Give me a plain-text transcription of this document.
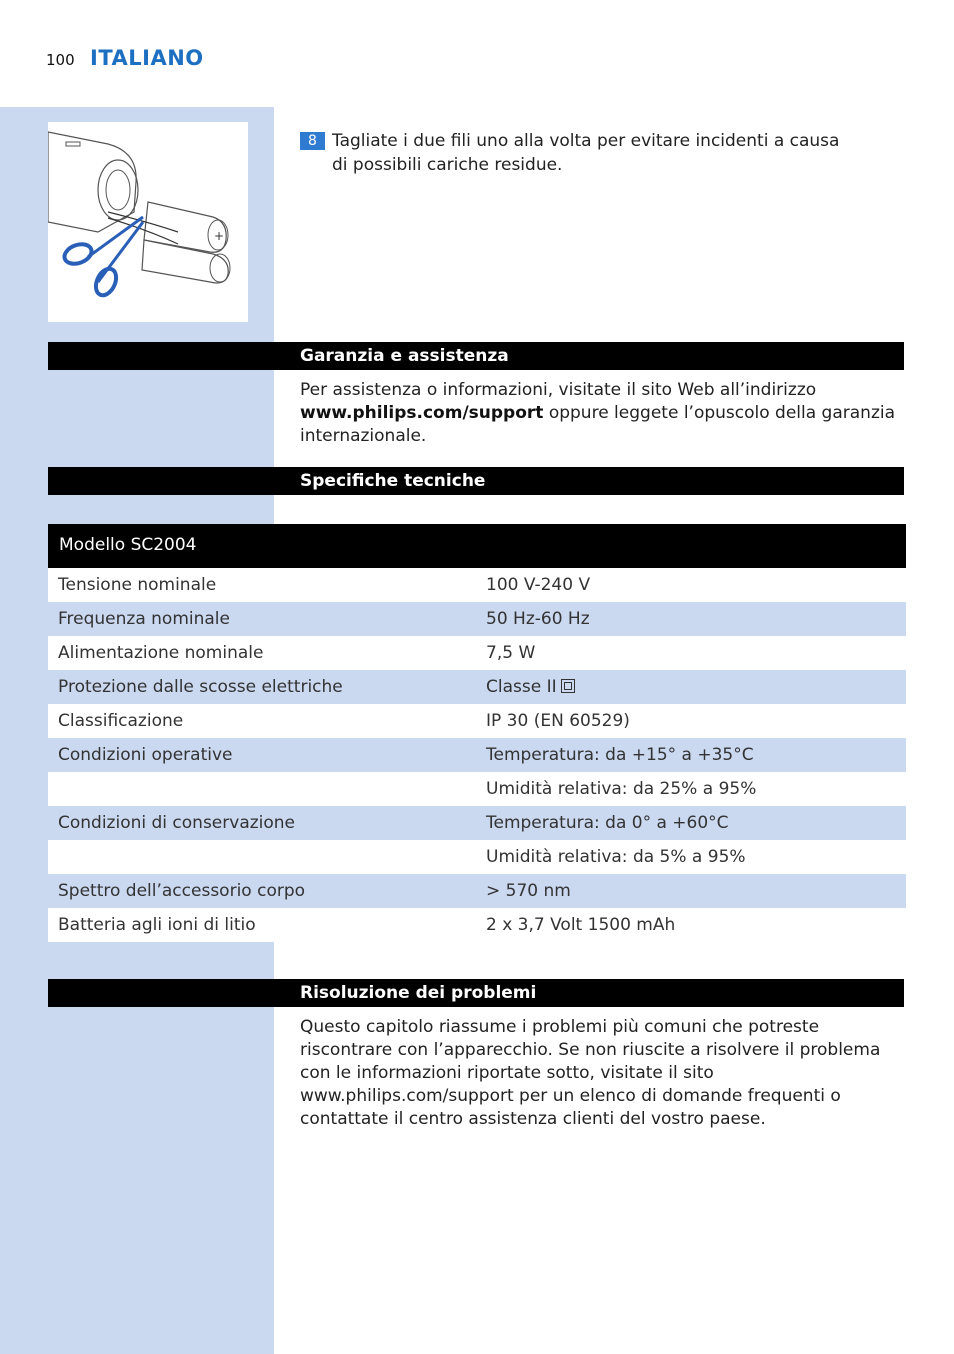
100 ITALIANO
+
8 Tagliate i due fili uno alla volta per evitare incidenti a causa di possibili cariche residue.
Garanzia e assistenza
Per assistenza o informazioni, visitate il sito Web all’indirizzo www.philips.com/support oppure leggete l’opuscolo della garanzia internazionale.
Specifiche tecniche
Modello SC2004
Tensione nominale	100 V-240 V
Frequenza nominale	50 Hz-60 Hz
Alimentazione nominale	7,5 W
Protezione dalle scosse elettriche	Classe II
Classificazione	IP 30 (EN 60529)
Condizioni operative	Temperatura: da +15° a +35°C
Umidità relativa: da 25% a 95%
Condizioni di conservazione	Temperatura: da 0° a +60°C
Umidità relativa: da 5% a 95%
Spettro dell’accessorio corpo	> 570 nm
Batteria agli ioni di litio	2 x 3,7 Volt 1500 mAh
Risoluzione dei problemi
Questo capitolo riassume i problemi più comuni che potreste riscontrare con l’apparecchio. Se non riuscite a risolvere il problema con le informazioni riportate sotto, visitate il sito www.philips.com/support per un elenco di domande frequenti o contattate il centro assistenza clienti del vostro paese.
